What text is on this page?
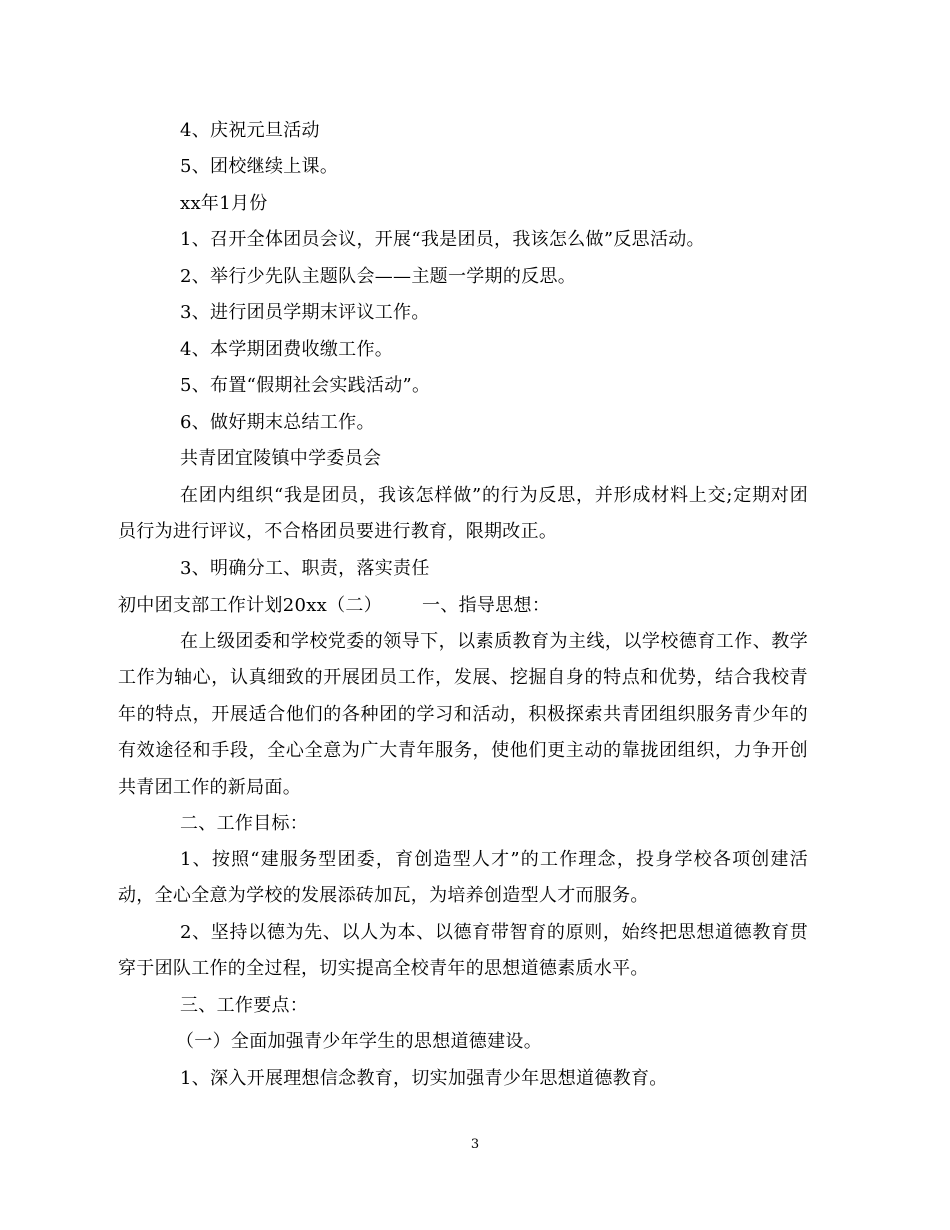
4、庆祝元旦活动
5、团校继续上课。
xx年1月份
1、召开全体团员会议，开展“我是团员，我该怎么做”反思活动。
2、举行少先队主题队会——主题一学期的反思。
3、进行团员学期末评议工作。
4、本学期团费收缴工作。
5、布置“假期社会实践活动”。
6、做好期末总结工作。
共青团宜陵镇中学委员会
在团内组织“我是团员，我该怎样做”的行为反思，并形成材料上交;定期对团员行为进行评议，不合格团员要进行教育，限期改正。
3、明确分工、职责，落实责任
初中团支部工作计划20xx（二） 一、指导思想：
在上级团委和学校党委的领导下，以素质教育为主线，以学校德育工作、教学工作为轴心，认真细致的开展团员工作，发展、挖掘自身的特点和优势，结合我校青年的特点，开展适合他们的各种团的学习和活动，积极探索共青团组织服务青少年的有效途径和手段，全心全意为广大青年服务，使他们更主动的靠拢团组织，力争开创共青团工作的新局面。
二、工作目标：
1、按照“建服务型团委，育创造型人才”的工作理念，投身学校各项创建活动，全心全意为学校的发展添砖加瓦，为培养创造型人才而服务。
2、坚持以德为先、以人为本、以德育带智育的原则，始终把思想道德教育贯穿于团队工作的全过程，切实提高全校青年的思想道德素质水平。
三、工作要点：
（一）全面加强青少年学生的思想道德建设。
1、深入开展理想信念教育，切实加强青少年思想道德教育。
3
